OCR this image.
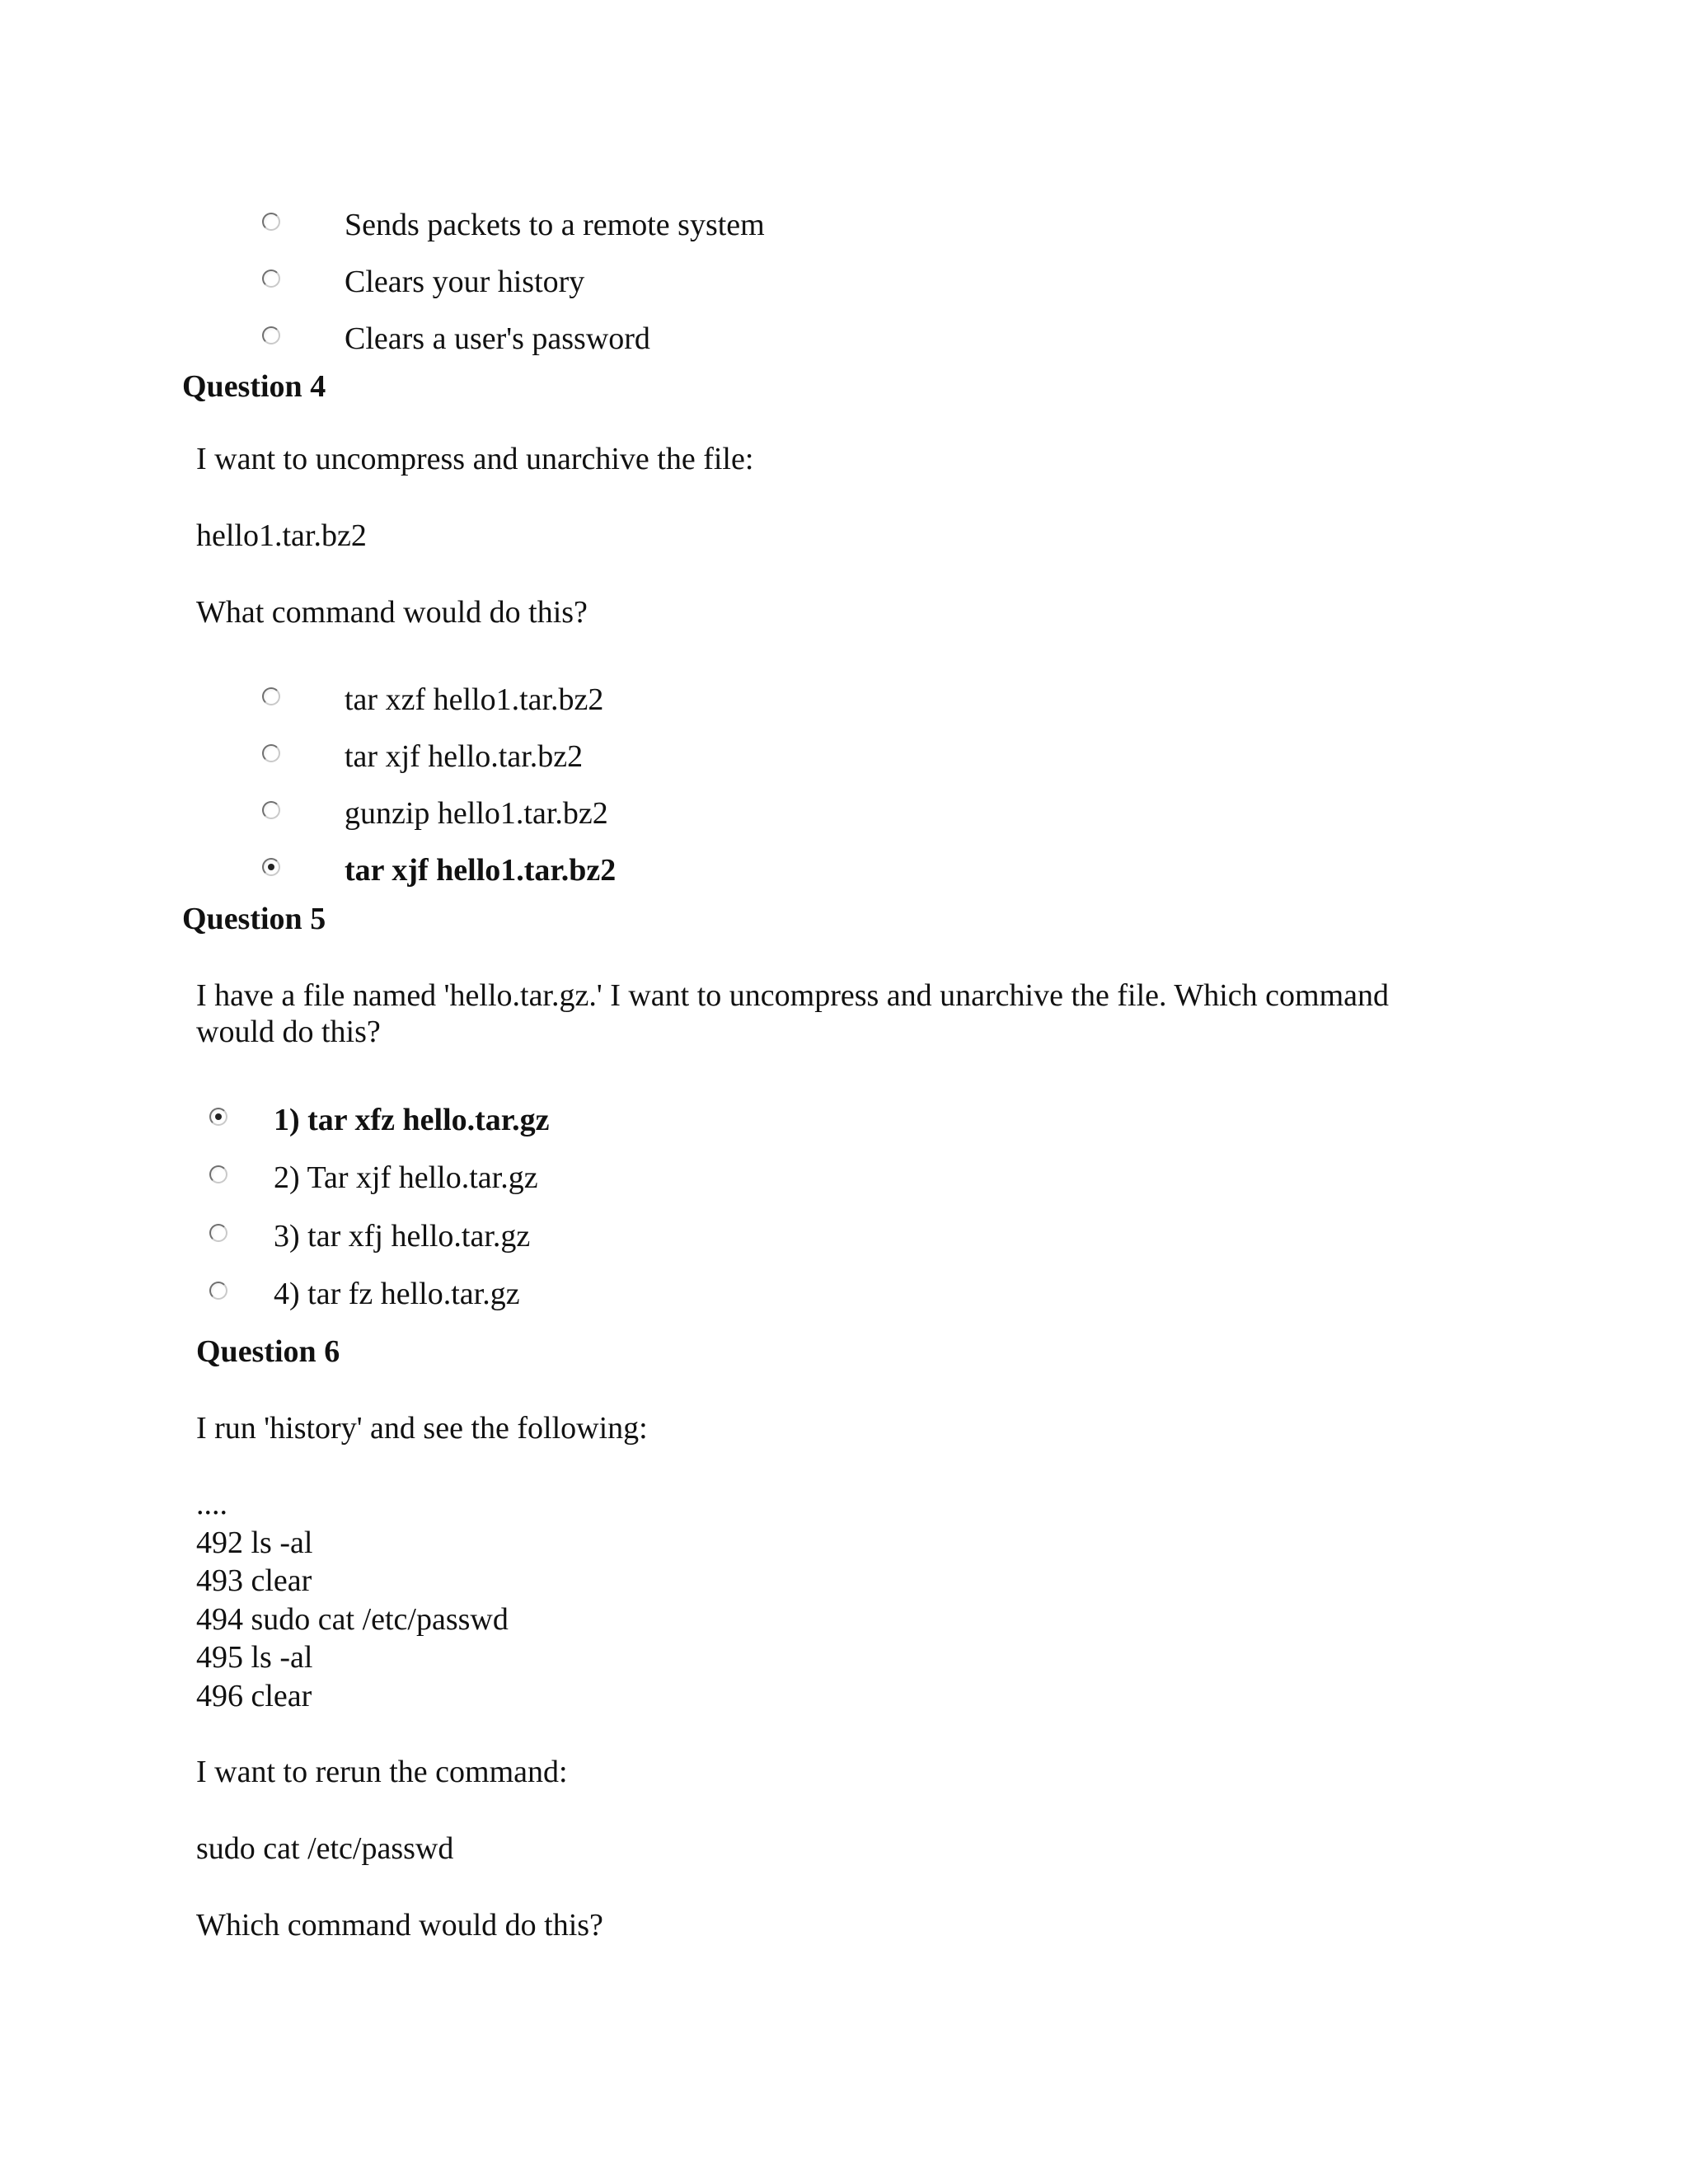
Sends packets to a remote system
Clears your history
Clears a user's password
Question 4
I want to uncompress and unarchive the file:
hello1.tar.bz2
What command would do this?
tar xzf hello1.tar.bz2
tar xjf hello.tar.bz2
gunzip hello1.tar.bz2
tar xjf hello1.tar.bz2
Question 5
I have a file named 'hello.tar.gz.' I want to uncompress and unarchive the file. Which command
would do this?
1) tar xfz hello.tar.gz
2) Tar xjf hello.tar.gz
3) tar xfj hello.tar.gz
4) tar fz hello.tar.gz
Question 6
I run 'history' and see the following:
....
492 ls -al
493 clear
494 sudo cat /etc/passwd
495 ls -al
496 clear
I want to rerun the command:
sudo cat /etc/passwd
Which command would do this?
